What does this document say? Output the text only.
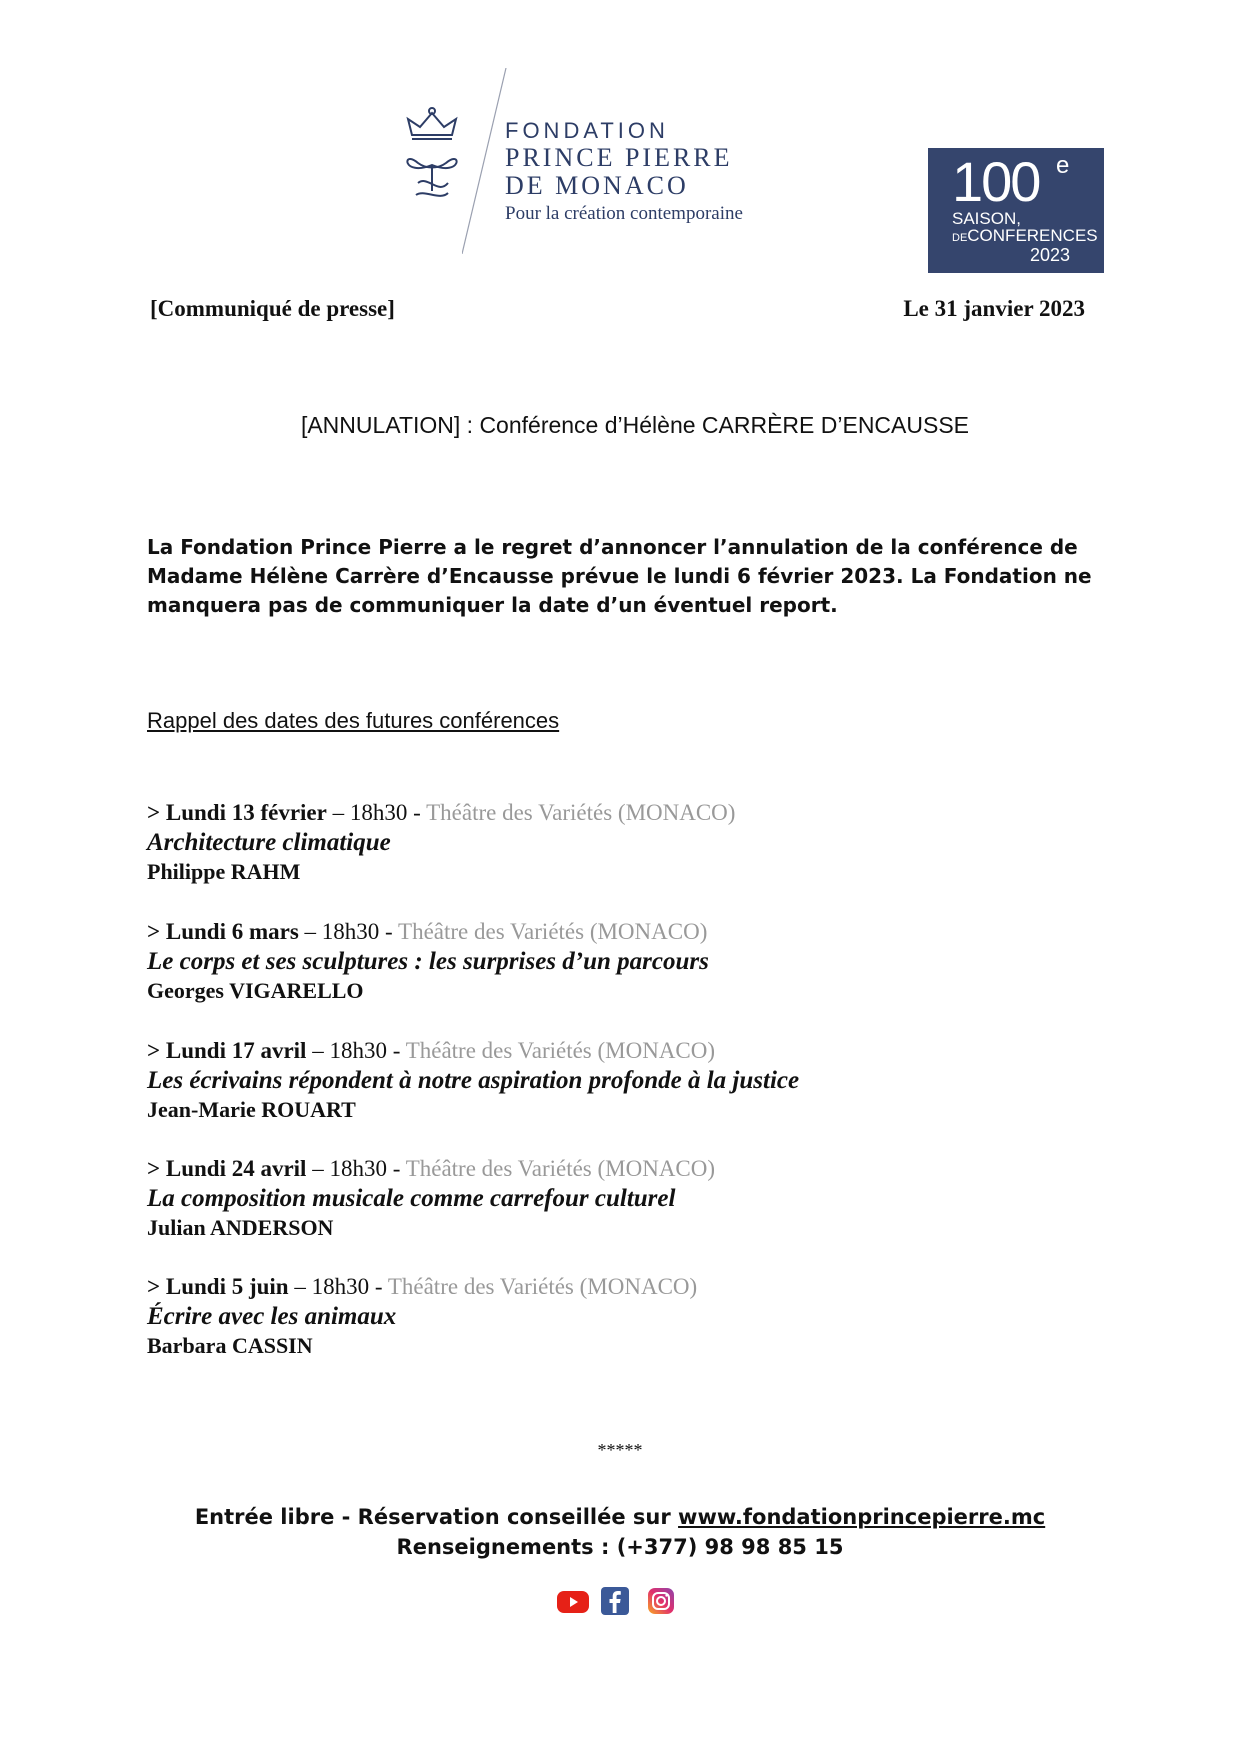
FONDATION
PRINCE PIERRE
DE MONACO
Pour la création contemporaine
100 e
SAISON,
DECONFERENCES
2023
[Communiqué de presse]	Le 31 janvier 2023
[ANNULATION] : Conférence d’Hélène CARRÈRE D’ENCAUSSE
La Fondation Prince Pierre a le regret d’annoncer l’annulation de la conférence de
Madame Hélène Carrère d’Encausse prévue le lundi 6 février 2023. La Fondation ne
manquera pas de communiquer la date d’un éventuel report.
Rappel des dates des futures conférences
> Lundi 13 février – 18h30 - Théâtre des Variétés (MONACO)
Architecture climatique
Philippe RAHM
> Lundi 6 mars – 18h30 - Théâtre des Variétés (MONACO)
Le corps et ses sculptures : les surprises d’un parcours
Georges VIGARELLO
> Lundi 17 avril – 18h30 - Théâtre des Variétés (MONACO)
Les écrivains répondent à notre aspiration profonde à la justice
Jean-Marie ROUART
> Lundi 24 avril – 18h30 - Théâtre des Variétés (MONACO)
La composition musicale comme carrefour culturel
Julian ANDERSON
> Lundi 5 juin – 18h30 - Théâtre des Variétés (MONACO)
Écrire avec les animaux
Barbara CASSIN
*****
Entrée libre - Réservation conseillée sur www.fondationprincepierre.mc
Renseignements : (+377) 98 98 85 15
